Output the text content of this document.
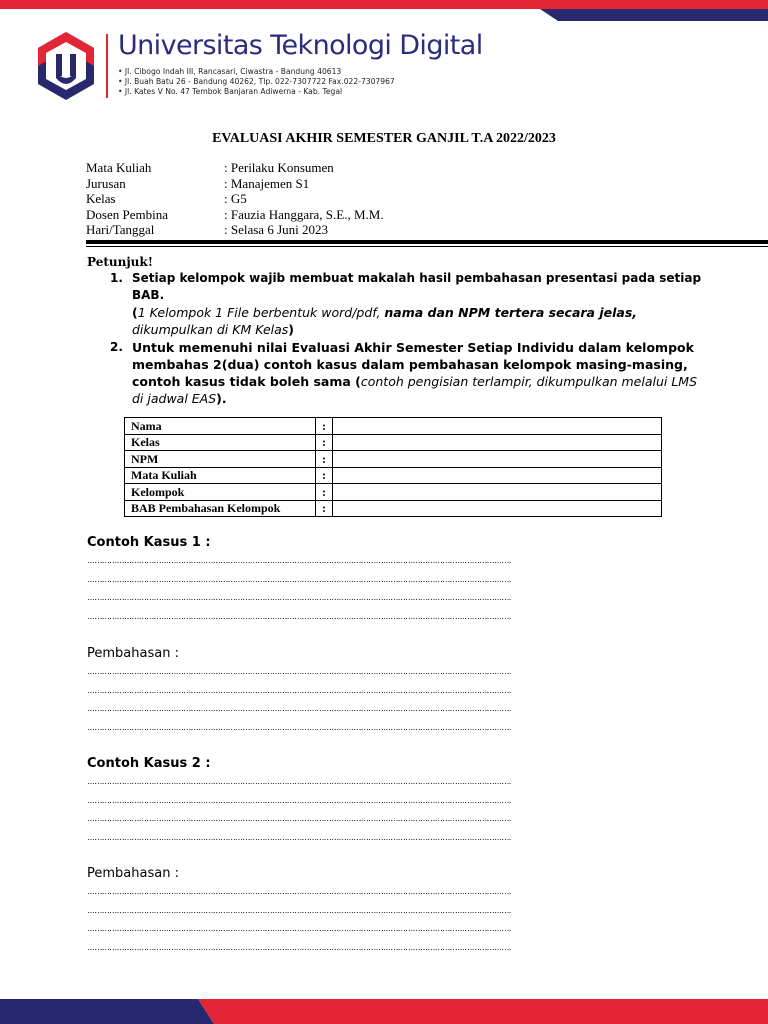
Universitas Teknologi Digital
• Jl. Cibogo Indah III, Rancasari, Ciwastra - Bandung 40613
• Jl. Buah Batu 26 - Bandung 40262, Tlp. 022-7307722 Fax.022-7307967
• Jl. Kates V No. 47 Tembok Banjaran Adiwerna - Kab. Tegal
EVALUASI AKHIR SEMESTER GANJIL T.A 2022/2023
Mata Kuliah	: Perilaku Konsumen
Jurusan	: Manajemen S1
Kelas	: G5
Dosen Pembina	: Fauzia Hanggara, S.E., M.M.
Hari/Tanggal	: Selasa 6 Juni 2023
Petunjuk!
1. Setiap kelompok wajib membuat makalah hasil pembahasan presentasi pada setiap BAB.
(1 Kelompok 1 File berbentuk word/pdf, nama dan NPM tertera secara jelas, dikumpulkan di KM Kelas)
2. Untuk memenuhi nilai Evaluasi Akhir Semester Setiap Individu dalam kelompok membahas 2(dua) contoh kasus dalam pembahasan kelompok masing-masing, contoh kasus tidak boleh sama (contoh pengisian terlampir, dikumpulkan melalui LMS di jadwal EAS).
Nama	:	
Kelas	:	
NPM	:	
Mata Kuliah	:	
Kelompok	:	
BAB Pembahasan Kelompok	:	
Contoh Kasus 1 :
……………………………………………………………………………………………………………………………………………………….
……………………………………………………………………………………………………………………………………………………….
……………………………………………………………………………………………………………………………………………………….
……………………………………………………………………………………………………………………………………………………….
Pembahasan :
……………………………………………………………………………………………………………………………………………………….
……………………………………………………………………………………………………………………………………………………….
……………………………………………………………………………………………………………………………………………………….
……………………………………………………………………………………………………………………………………………………….
Contoh Kasus 2 :
……………………………………………………………………………………………………………………………………………………….
……………………………………………………………………………………………………………………………………………………….
……………………………………………………………………………………………………………………………………………………….
……………………………………………………………………………………………………………………………………………………….
Pembahasan :
……………………………………………………………………………………………………………………………………………………….
……………………………………………………………………………………………………………………………………………………….
……………………………………………………………………………………………………………………………………………………….
……………………………………………………………………………………………………………………………………………………….
